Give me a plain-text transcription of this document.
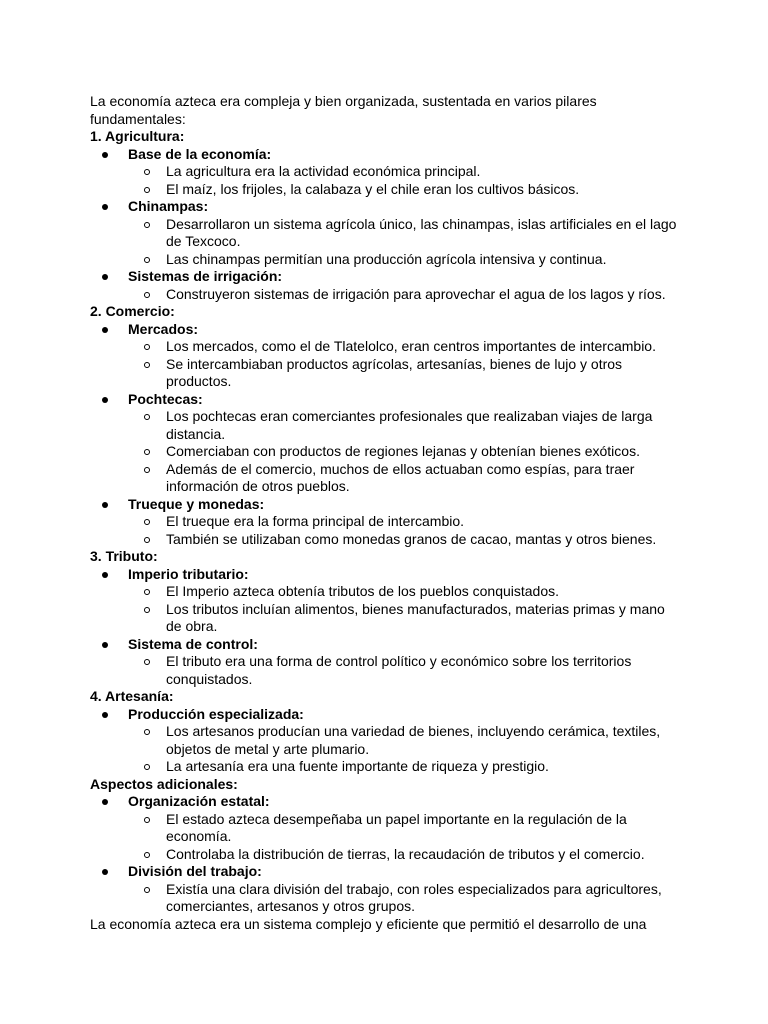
La economía azteca era compleja y bien organizada, sustentada en varios pilares fundamentales:

1. Agricultura:

Base de la economía:
La agricultura era la actividad económica principal.
El maíz, los frijoles, la calabaza y el chile eran los cultivos básicos.
Chinampas:
Desarrollaron un sistema agrícola único, las chinampas, islas artificiales en el lago de Texcoco.
Las chinampas permitían una producción agrícola intensiva y continua.
Sistemas de irrigación:
Construyeron sistemas de irrigación para aprovechar el agua de los lagos y ríos.

2. Comercio:

Mercados:
Los mercados, como el de Tlatelolco, eran centros importantes de intercambio.
Se intercambiaban productos agrícolas, artesanías, bienes de lujo y otros productos.
Pochtecas:
Los pochtecas eran comerciantes profesionales que realizaban viajes de larga distancia.
Comerciaban con productos de regiones lejanas y obtenían bienes exóticos.
Además de el comercio, muchos de ellos actuaban como espías, para traer información de otros pueblos.
Trueque y monedas:
El trueque era la forma principal de intercambio.
También se utilizaban como monedas granos de cacao, mantas y otros bienes.

3. Tributo:

Imperio tributario:
El Imperio azteca obtenía tributos de los pueblos conquistados.
Los tributos incluían alimentos, bienes manufacturados, materias primas y mano de obra.
Sistema de control:
El tributo era una forma de control político y económico sobre los territorios conquistados.

4. Artesanía:

Producción especializada:
Los artesanos producían una variedad de bienes, incluyendo cerámica, textiles, objetos de metal y arte plumario.
La artesanía era una fuente importante de riqueza y prestigio.

Aspectos adicionales:

Organización estatal:
El estado azteca desempeñaba un papel importante en la regulación de la economía.
Controlaba la distribución de tierras, la recaudación de tributos y el comercio.
División del trabajo:
Existía una clara división del trabajo, con roles especializados para agricultores, comerciantes, artesanos y otros grupos.

La economía azteca era un sistema complejo y eficiente que permitió el desarrollo de una
